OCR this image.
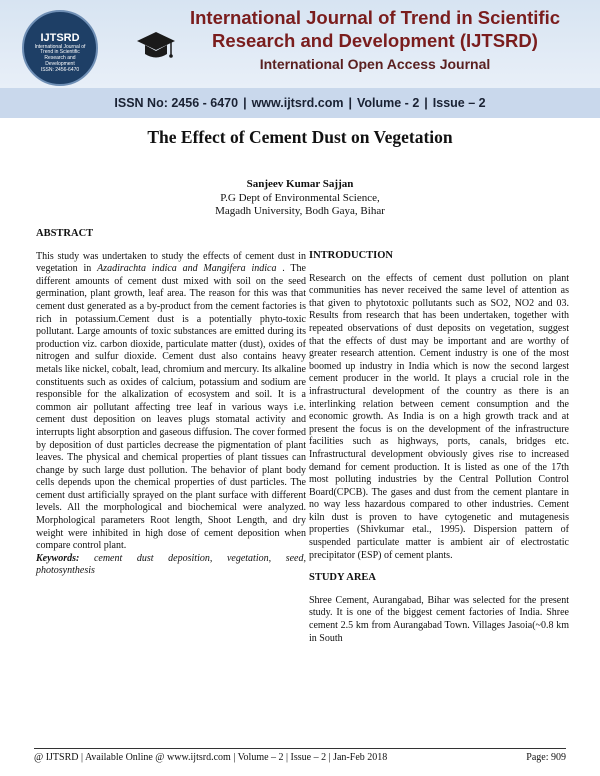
IJTSRD
International Journal of Trend in Scientific
Research and Development
ISSN: 2456-6470
International Journal of Trend in Scientific
Research and Development (IJTSRD)
International Open Access Journal
ISSN No: 2456 - 6470 | www.ijtsrd.com | Volume - 2 | Issue – 2
The Effect of Cement Dust on Vegetation
Sanjeev Kumar Sajjan
P.G Dept of Environmental Science,
Magadh University, Bodh Gaya, Bihar
ABSTRACT

This study was undertaken to study the effects of cement dust in vegetation in Azadirachta indica and Mangifera indica . The different amounts of cement dust mixed with soil on the seed germination, plant growth, leaf area. The reason for this was that cement dust generated as a by-product from the cement factories is rich in potassium.Cement dust is a potentially phyto-toxic pollutant. Large amounts of toxic substances are emitted during its production viz. carbon dioxide, particulate matter (dust), oxides of nitrogen and sulfur dioxide. Cement dust also contains heavy metals like nickel, cobalt, lead, chromium and mercury. Its alkaline constituents such as oxides of calcium, potassium and sodium are responsible for the alkalization of ecosystem and soil. It is a common air pollutant affecting tree leaf in various ways i.e. cement dust deposition on leaves plugs stomatal activity and interrupts light absorption and gaseous diffusion. The cover formed by deposition of dust particles decrease the pigmentation of plant leaves. The physical and chemical properties of plant tissues can change by such large dust pollution. The behavior of plant body cells depends upon the chemical properties of dust particles. The cement dust artificially sprayed on the plant surface with different levels. All the morphological and biochemical were analyzed. Morphological parameters Root length, Shoot Length, and dry weight were inhibited in high dose of cement deposition when compare control plant.

Keywords: cement dust deposition, vegetation, seed, photosynthesis

INTRODUCTION

Research on the effects of cement dust pollution on plant communities has never received the same level of attention as that given to phytotoxic pollutants such as SO2, NO2 and 03. Results from research that has been undertaken, together with repeated observations of dust deposits on vegetation, suggest that the effects of dust may be important and are worthy of greater research attention. Cement industry is one of the most boomed up industry in India which is now the second largest cement producer in the world. It plays a crucial role in the infrastructural development of the country as there is an interlinking relation between cement consumption and the economic growth. As India is on a high growth track and at present the focus is on the development of the infrastructure facilities such as highways, ports, canals, bridges etc. Infrastructural development obviously gives rise to increased demand for cement production. It is listed as one of the 17th most polluting industries by the Central Pollution Control Board(CPCB). The gases and dust from the cement plantare in no way less hazardous compared to other industries. Cement kiln dust is proven to have cytogenetic and mutagenesis properties (Shivkumar etal., 1995). Dispersion pattern of suspended particulate matter is ambient air of electrostatic precipitator (ESP) of cement plants.

STUDY AREA

Shree Cement, Aurangabad, Bihar was selected for the present study. It is one of the biggest cement factories of India. Shree cement 2.5 km from Aurangabad Town. Villages Jasoia(~0.8 km in South

@ IJTSRD | Available Online @ www.ijtsrd.com | Volume – 2 | Issue – 2 | Jan-Feb 2018	Page: 909
